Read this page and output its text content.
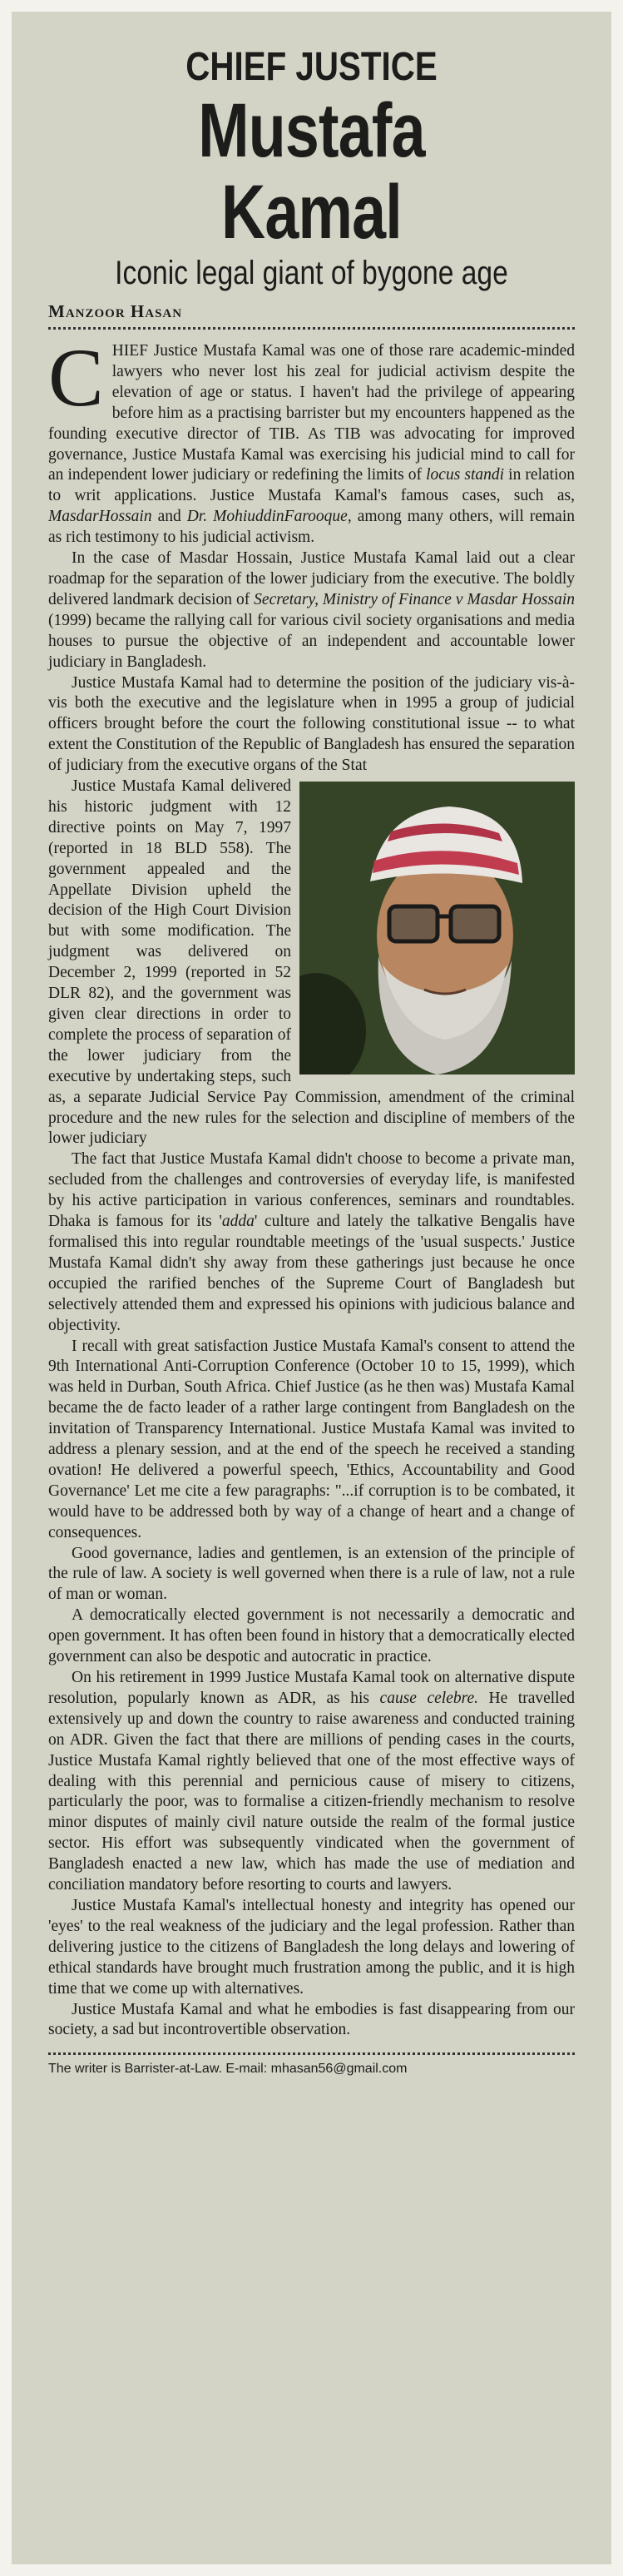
CHIEF JUSTICE
Mustafa Kamal
Iconic legal giant of bygone age
Manzoor Hasan

CHIEF Justice Mustafa Kamal was one of those rare academic-minded lawyers who never lost his zeal for judicial activism despite the elevation of age or status. I haven't had the privilege of appearing before him as a practising barrister but my encounters happened as the founding executive director of TIB. As TIB was advocating for improved governance, Justice Mustafa Kamal was exercising his judicial mind to call for an independent lower judiciary or redefining the limits of locus standi in relation to writ applications. Justice Mustafa Kamal's famous cases, such as, MasdarHossain and Dr. MohiuddinFarooque, among many others, will remain as rich testimony to his judicial activism.

In the case of Masdar Hossain, Justice Mustafa Kamal laid out a clear roadmap for the separation of the lower judiciary from the executive. The boldly delivered landmark decision of Secretary, Ministry of Finance v Masdar Hossain (1999) became the rallying call for various civil society organisations and media houses to pursue the objective of an independent and accountable lower judiciary in Bangladesh.

Justice Mustafa Kamal had to determine the position of the judiciary vis-à-vis both the executive and the legislature when in 1995 a group of judicial officers brought before the court the following constitutional issue -- to what extent the Constitution of the Republic of Bangladesh has ensured the separation of judiciary from the executive organs of the Stat

Justice Mustafa Kamal delivered his historic judgment with 12 directive points on May 7, 1997 (reported in 18 BLD 558). The government appealed and the Appellate Division upheld the decision of the High Court Division but with some modification. The judgment was delivered on December 2, 1999 (reported in 52 DLR 82), and the government was given clear directions in order to complete the process of separation of the lower judiciary from the executive by undertaking steps, such as, a separate Judicial Service Pay Commission, amendment of the criminal procedure and the new rules for the selection and discipline of members of the lower judiciary

The fact that Justice Mustafa Kamal didn't choose to become a private man, secluded from the challenges and controversies of everyday life, is manifested by his active participation in various conferences, seminars and roundtables. Dhaka is famous for its 'adda' culture and lately the talkative Bengalis have formalised this into regular roundtable meetings of the 'usual suspects.' Justice Mustafa Kamal didn't shy away from these gatherings just because he once occupied the rarified benches of the Supreme Court of Bangladesh but selectively attended them and expressed his opinions with judicious balance and objectivity.

I recall with great satisfaction Justice Mustafa Kamal's consent to attend the 9th International Anti-Corruption Conference (October 10 to 15, 1999), which was held in Durban, South Africa. Chief Justice (as he then was) Mustafa Kamal became the de facto leader of a rather large contingent from Bangladesh on the invitation of Transparency International. Justice Mustafa Kamal was invited to address a plenary session, and at the end of the speech he received a standing ovation! He delivered a powerful speech, 'Ethics, Accountability and Good Governance' Let me cite a few paragraphs: "...if corruption is to be combated, it would have to be addressed both by way of a change of heart and a change of consequences.

Good governance, ladies and gentlemen, is an extension of the principle of the rule of law. A society is well governed when there is a rule of law, not a rule of man or woman.

A democratically elected government is not necessarily a democratic and open government. It has often been found in history that a democratically elected government can also be despotic and autocratic in practice.

On his retirement in 1999 Justice Mustafa Kamal took on alternative dispute resolution, popularly known as ADR, as his cause celebre. He travelled extensively up and down the country to raise awareness and conducted training on ADR. Given the fact that there are millions of pending cases in the courts, Justice Mustafa Kamal rightly believed that one of the most effective ways of dealing with this perennial and pernicious cause of misery to citizens, particularly the poor, was to formalise a citizen-friendly mechanism to resolve minor disputes of mainly civil nature outside the realm of the formal justice sector. His effort was subsequently vindicated when the government of Bangladesh enacted a new law, which has made the use of mediation and conciliation mandatory before resorting to courts and lawyers.

Justice Mustafa Kamal's intellectual honesty and integrity has opened our 'eyes' to the real weakness of the judiciary and the legal profession. Rather than delivering justice to the citizens of Bangladesh the long delays and lowering of ethical standards have brought much frustration among the public, and it is high time that we come up with alternatives.

Justice Mustafa Kamal and what he embodies is fast disappearing from our society, a sad but incontrovertible observation.

The writer is Barrister-at-Law. E-mail: mhasan56@gmail.com
